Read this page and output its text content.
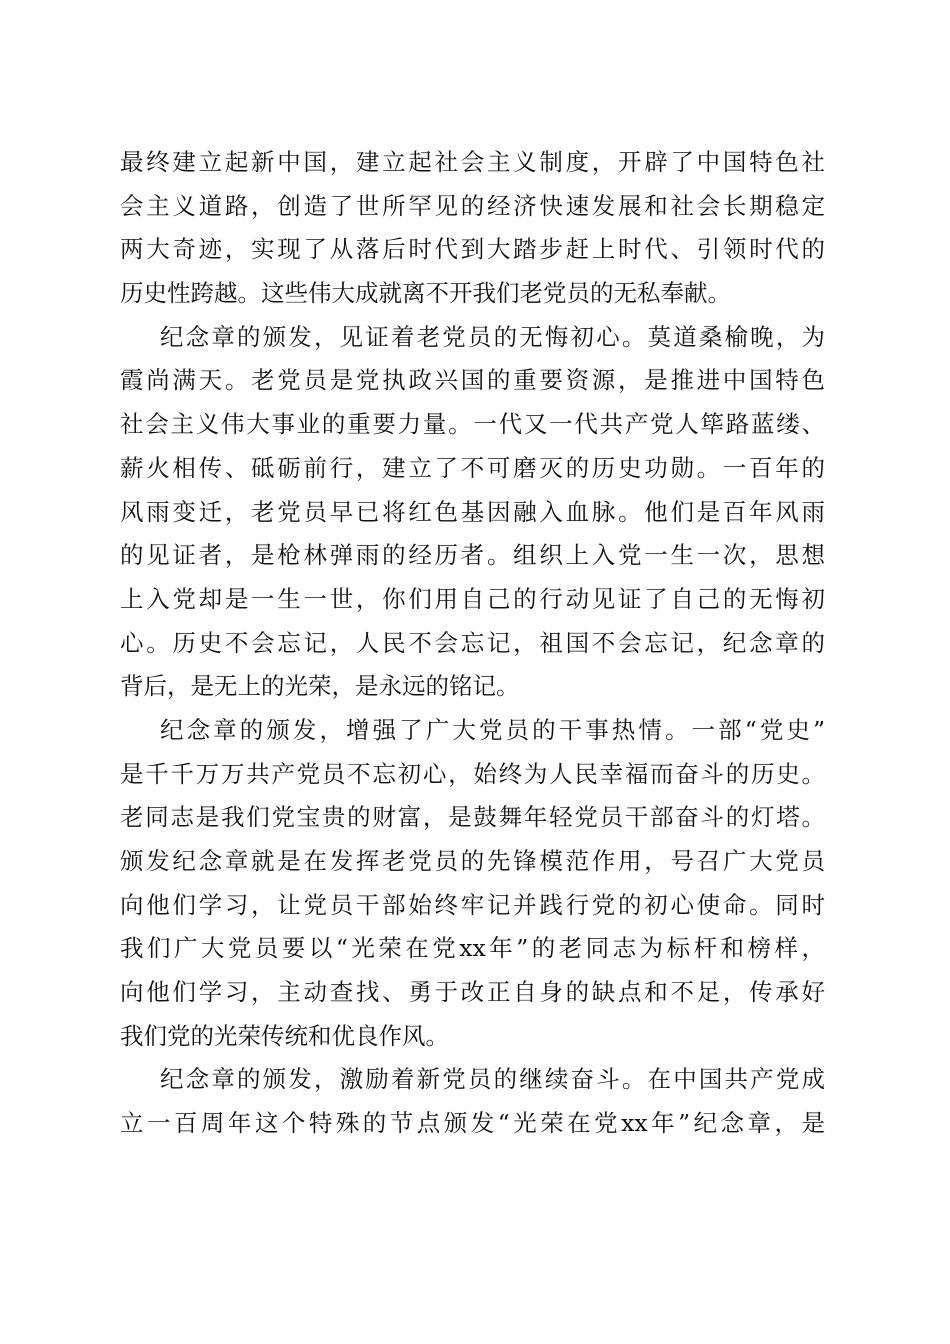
最终建立起新中国，建立起社会主义制度，开辟了中国特色社
会主义道路，创造了世所罕见的经济快速发展和社会长期稳定
两大奇迹，实现了从落后时代到大踏步赶上时代、引领时代的
历史性跨越。这些伟大成就离不开我们老党员的无私奉献。
纪念章的颁发，见证着老党员的无悔初心。莫道桑榆晚，为
霞尚满天。老党员是党执政兴国的重要资源，是推进中国特色
社会主义伟大事业的重要力量。一代又一代共产党人筚路蓝缕、
薪火相传、砥砺前行，建立了不可磨灭的历史功勋。一百年的
风雨变迁，老党员早已将红色基因融入血脉。他们是百年风雨
的见证者，是枪林弹雨的经历者。组织上入党一生一次，思想
上入党却是一生一世，你们用自己的行动见证了自己的无悔初
心。历史不会忘记，人民不会忘记，祖国不会忘记，纪念章的
背后，是无上的光荣，是永远的铭记。
纪念章的颁发，增强了广大党员的干事热情。一部“党史”
是千千万万共产党员不忘初心，始终为人民幸福而奋斗的历史。
老同志是我们党宝贵的财富，是鼓舞年轻党员干部奋斗的灯塔。
颁发纪念章就是在发挥老党员的先锋模范作用，号召广大党员
向他们学习，让党员干部始终牢记并践行党的初心使命。同时
我们广大党员要以“光荣在党xx年”的老同志为标杆和榜样，
向他们学习，主动查找、勇于改正自身的缺点和不足，传承好
我们党的光荣传统和优良作风。
纪念章的颁发，激励着新党员的继续奋斗。在中国共产党成
立一百周年这个特殊的节点颁发“光荣在党xx年”纪念章，是
